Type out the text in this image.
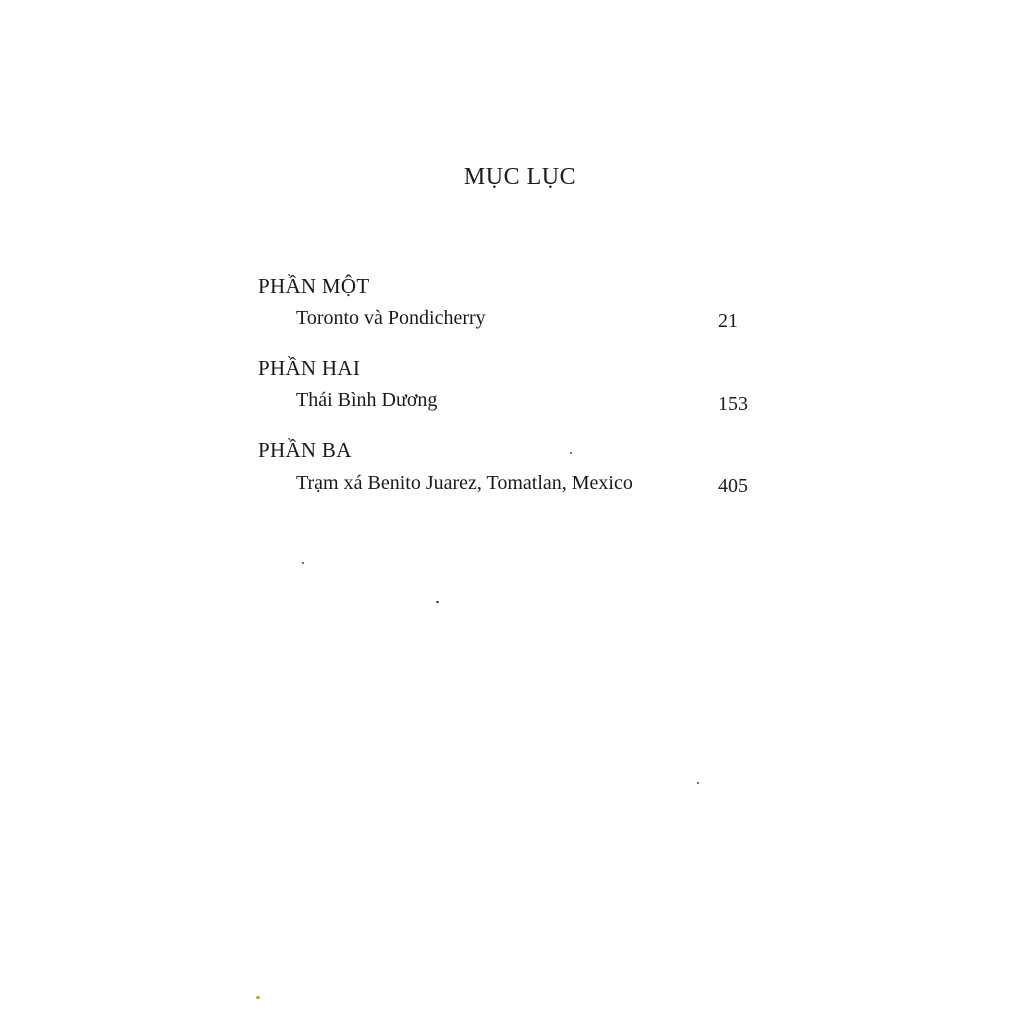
MỤC LỤC
PHẦN MỘT
Toronto và Pondicherry	21
PHẦN HAI
Thái Bình Dương	153
PHẦN BA
Trạm xá Benito Juarez, Tomatlan, Mexico	405
